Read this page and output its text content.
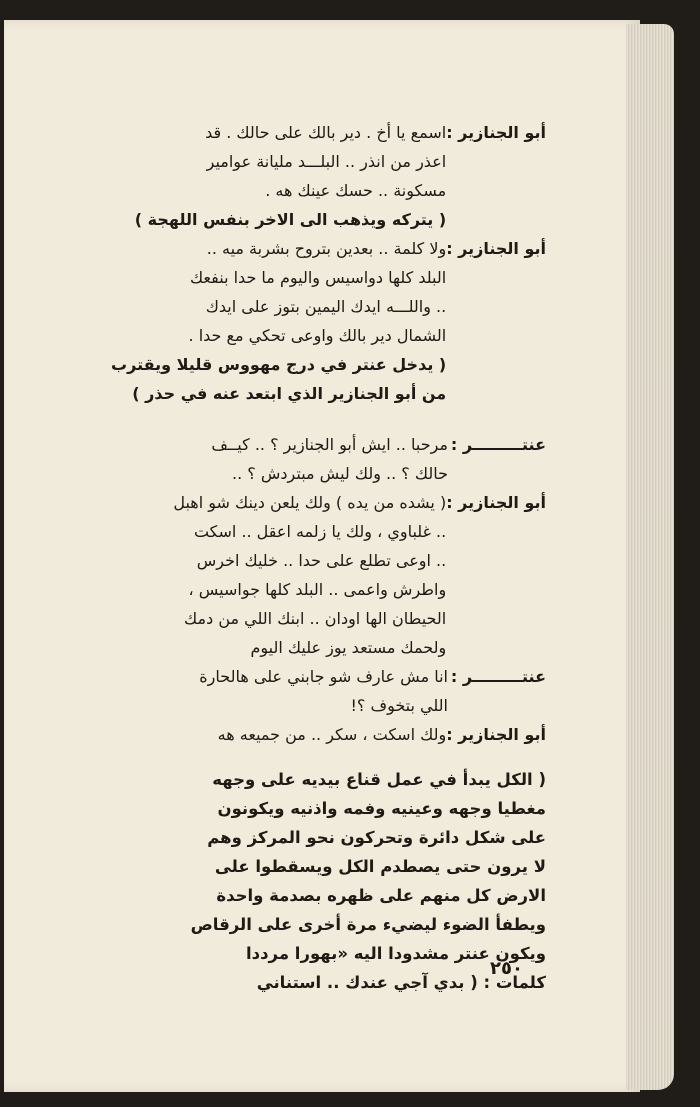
أبو الجنازير :
اسمع يا أخ . دير بالك على حالك . قد
اعذر من انذر .. البلـــد مليانة عوامير
مسكونة .. حسك عينك هه .
( يتركه ويذهب الى الاخر بنفس اللهجة )
أبو الجنازير :
ولا كلمة .. بعدين بتروح بشربة ميه ..
البلد كلها دواسيس واليوم ما حدا بنفعك
.. واللـــه ايدك اليمين بتوز على ايدك
الشمال دير بالك واوعى تحكي مع حدا .
( يدخل عنتر في درج مهووس قليلا ويقترب
من أبو الجنازير الذي ابتعد عنه في حذر )
عنتـــــــــر :
مرحبا .. ايش أبو الجنازير ؟ .. كيــف
حالك ؟ .. ولك ليش مبتردش ؟ ..
أبو الجنازير :
( يشده من يده ) ولك يلعن دينك شو اهبل
.. غلباوي ، ولك يا زلمه اعقل .. اسكت
.. اوعى تطلع على حدا .. خليك اخرس
واطرش واعمى .. البلد كلها جواسيس ،
الحيطان الها اودان .. ابنك اللي من دمك
ولحمك مستعد يوز عليك اليوم
عنتـــــــــر :
انا مش عارف شو جابني على هالحارة
اللي بتخوف ؟!
أبو الجنازير :
ولك اسكت ، سكر .. من جميعه هه
( الكل يبدأ في عمل قناع بيديه على وجهه
مغطيا وجهه وعينيه وفمه واذنيه ويكونون
على شكل دائرة وتحركون نحو المركز وهم
لا يرون حتى يصطدم الكل ويسقطوا على
الارض كل منهم على ظهره بصدمة واحدة
ويطفأ الضوء ليضيء مرة أخرى على الرقاص
ويكون عنتر مشدودا اليه «بهورا مرددا
كلمات : ( بدي آجي عندك .. استناني
٢٥٠
